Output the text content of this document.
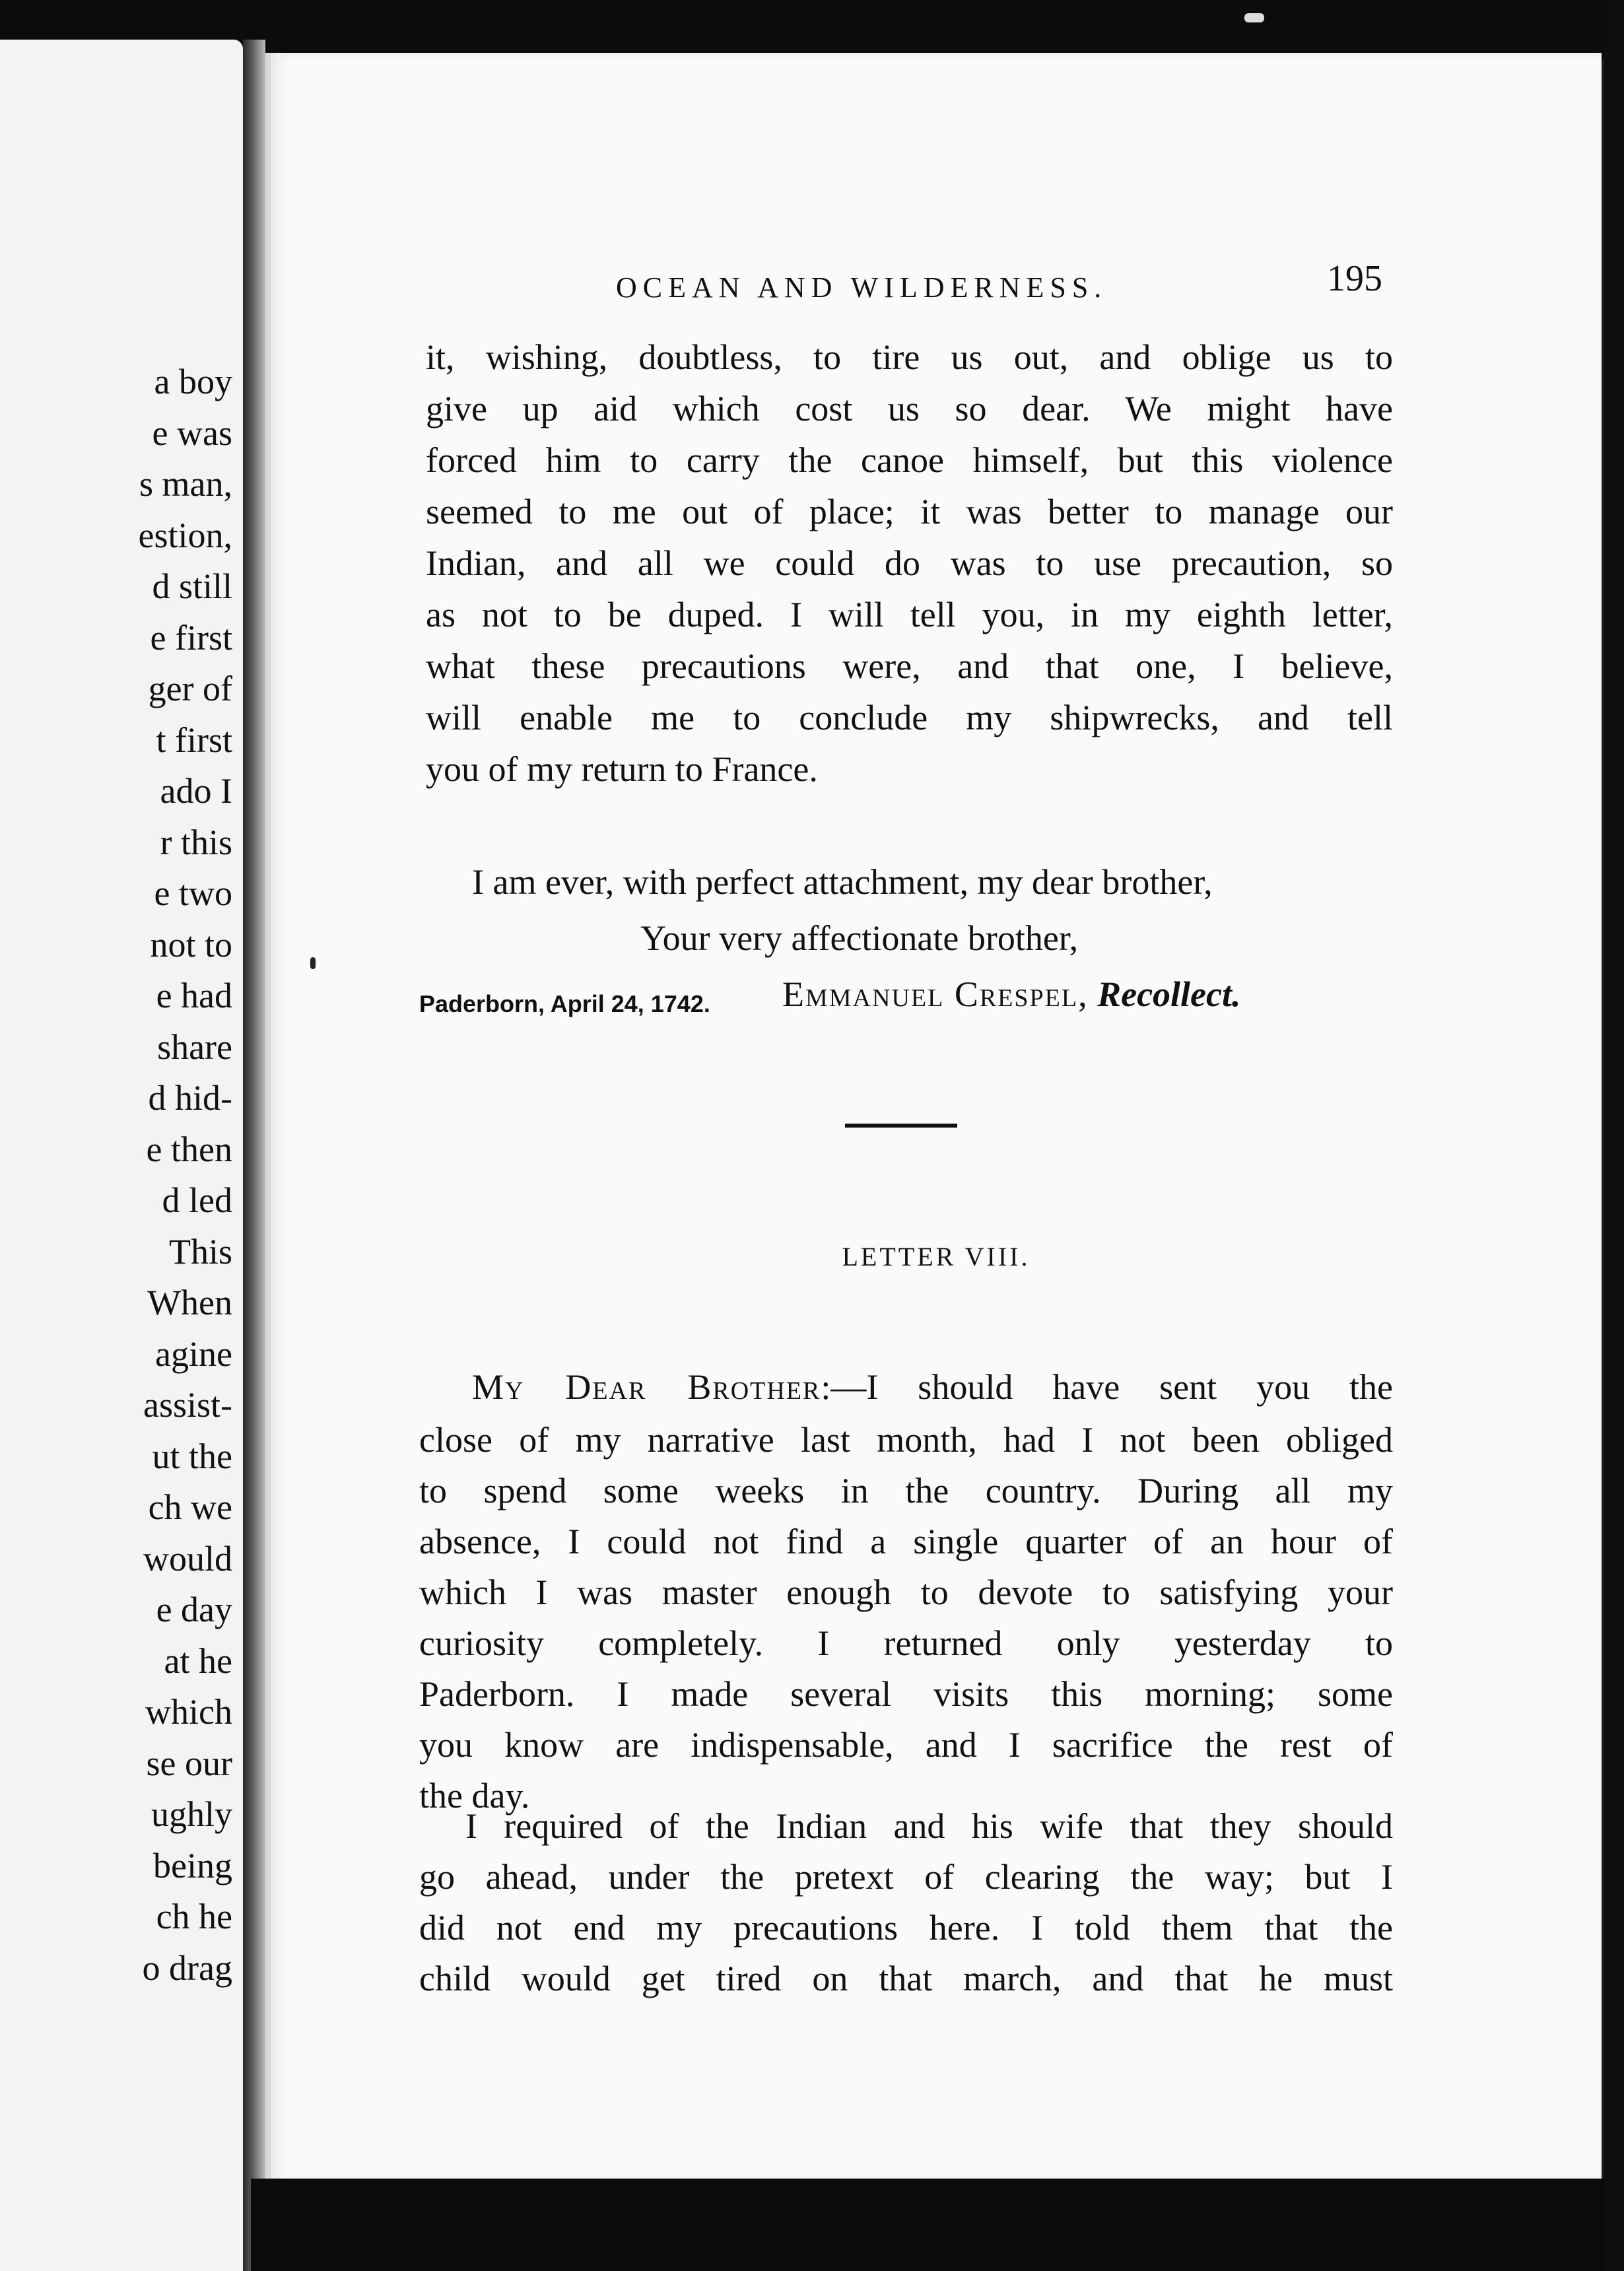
a boy
e was
s man,
estion,
d still
e first
ger of
t first
ado I
r this
e two
not to
e had
share
d hid-
e then
d led
This
When
agine
assist-
ut the
ch we
would
e day
at he
which
se our
ughly
being
ch he
o drag
OCEAN AND WILDERNESS.	195
it, wishing, doubtless, to tire us out, and oblige us to
give up aid which cost us so dear. We might have
forced him to carry the canoe himself, but this violence
seemed to me out of place; it was better to manage our
Indian, and all we could do was to use precaution, so
as not to be duped. I will tell you, in my eighth letter,
what these precautions were, and that one, I believe,
will enable me to conclude my shipwrecks, and tell
you of my return to France.
I am ever, with perfect attachment, my dear brother,
Your very affectionate brother,
Emmanuel Crespel, Recollect.
Paderborn, April 24, 1742.
LETTER VIII.
My Dear Brother:—I should have sent you the
close of my narrative last month, had I not been obliged
to spend some weeks in the country. During all my
absence, I could not find a single quarter of an hour of
which I was master enough to devote to satisfying your
curiosity completely. I returned only yesterday to
Paderborn. I made several visits this morning; some
you know are indispensable, and I sacrifice the rest of
the day.
I required of the Indian and his wife that they should
go ahead, under the pretext of clearing the way; but I
did not end my precautions here. I told them that the
child would get tired on that march, and that he must
